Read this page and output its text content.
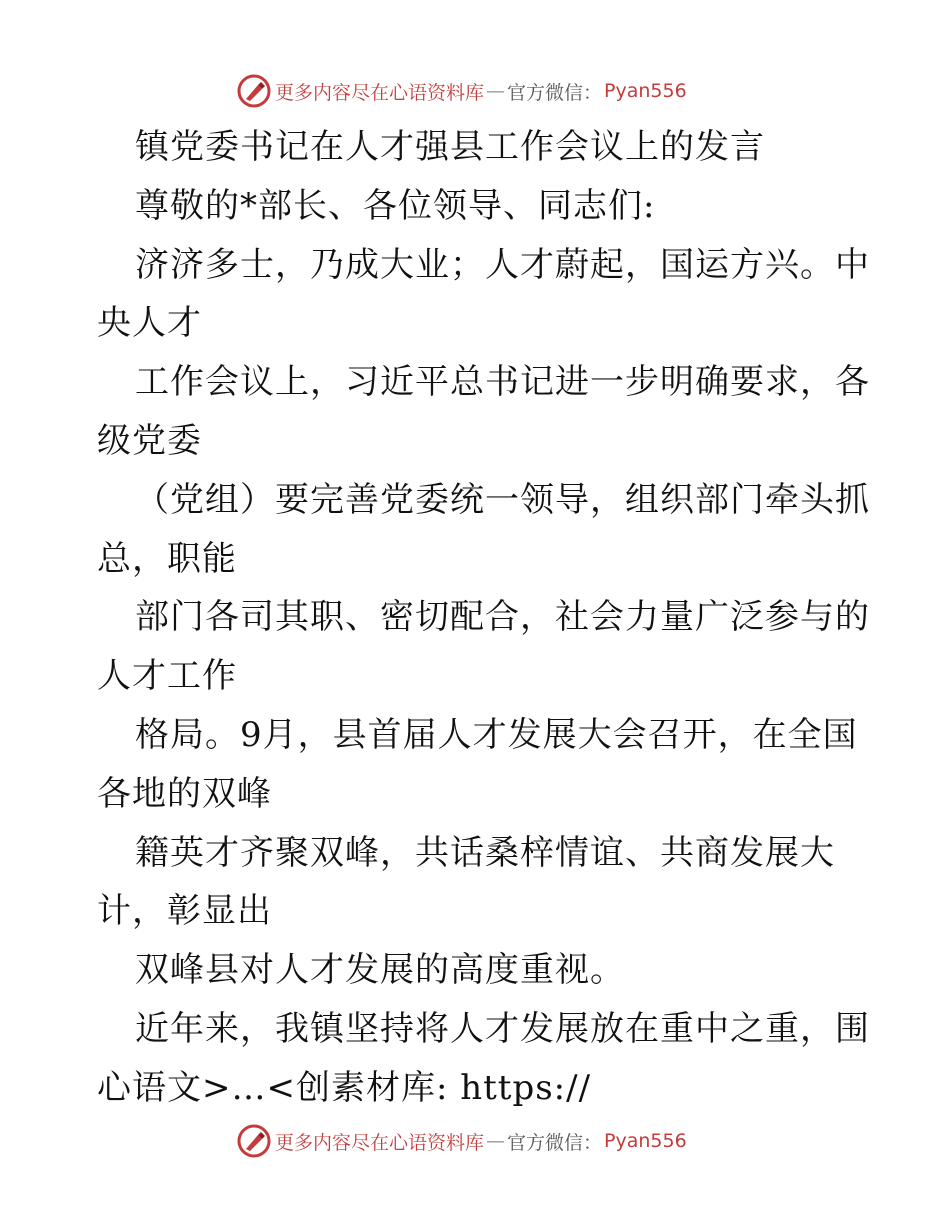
更多内容尽在心语资料库 — 官方微信： Pyan556
镇党委书记在人才强县工作会议上的发言
尊敬的*部长、各位领导、同志们:
济济多士，乃成大业；人才蔚起，国运方兴。中
央人才
工作会议上，习近平总书记进一步明确要求，各
级党委
（党组）要完善党委统一领导，组织部门牵头抓
总，职能
部门各司其职、密切配合，社会力量广泛参与的
人才工作
格局。9月，县首届人才发展大会召开，在全国
各地的双峰
籍英才齐聚双峰，共话桑梓情谊、共商发展大
计，彰显出
双峰县对人才发展的高度重视。
近年来，我镇坚持将人才发展放在重中之重，围
心语文>…<创素材库: https://
更多内容尽在心语资料库 — 官方微信： Pyan556
